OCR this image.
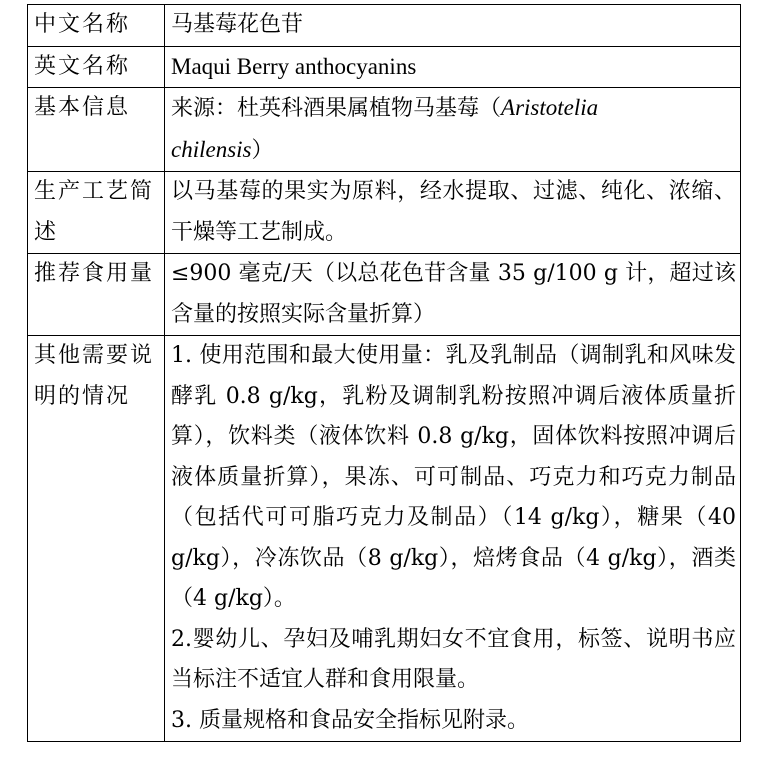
中文名称	马基莓花色苷
英文名称	Maqui Berry anthocyanins
基本信息	来源：杜英科酒果属植物马基莓（Aristotelia
chilensis）

生产工艺简述	以马基莓的果实为原料，经水提取、过滤、纯化、浓缩、干燥等工艺制成。
推荐食用量	≤900 毫克/天（以总花色苷含量 35 g/100 g 计，超过该含量的按照实际含量折算）
其他需要说明的情况	1. 使用范围和最大使用量：乳及乳制品（调制乳和风味发酵乳 0.8 g/kg，乳粉及调制乳粉按照冲调后液体质量折算），饮料类（液体饮料 0.8 g/kg，固体饮料按照冲调后液体质量折算），果冻、可可制品、巧克力和巧克力制品（包括代可可脂巧克力及制品）（14 g/kg），糖果（40 g/kg），冷冻饮品（8 g/kg），焙烤食品（4 g/kg），酒类（4 g/kg）。
2.婴幼儿、孕妇及哺乳期妇女不宜食用，标签、说明书应当标注不适宜人群和食用限量。
3. 质量规格和食品安全指标见附录。
